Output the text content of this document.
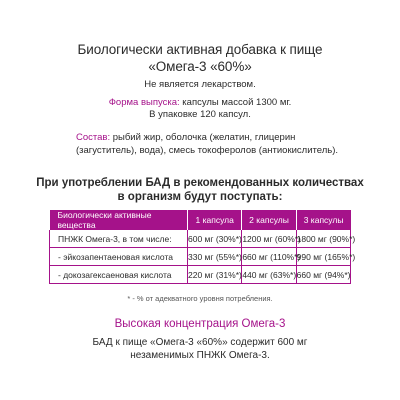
Биологически активная добавка к пище
«Омега-3 «60%»
Не является лекарством.
Форма выпуска: капсулы массой 1300 мг.
В упаковке 120 капсул.
Состав: рыбий жир, оболочка (желатин, глицерин (загуститель), вода), смесь токоферолов (антиокислитель).
При употреблении БАД в рекомендованных количествах
в организм будут поступать:
Биологически активные вещества	1 капсула	2 капсулы	3 капсулы
ПНЖК Омега-3, в том числе:	600 мг (30%*)	1200 мг (60%*)	1800 мг (90%*)
- эйкозапентаеновая кислота	330 мг (55%*)	660 мг (110%*)	990 мг (165%*)
- докозагексаеновая кислота	220 мг (31%*)	440 мг (63%*)	660 мг (94%*)
* - % от адекватного уровня потребления.
Высокая концентрация Омега-3
БАД к пище «Омега-3 «60%» содержит 600 мг
незаменимых ПНЖК Омега-3.
